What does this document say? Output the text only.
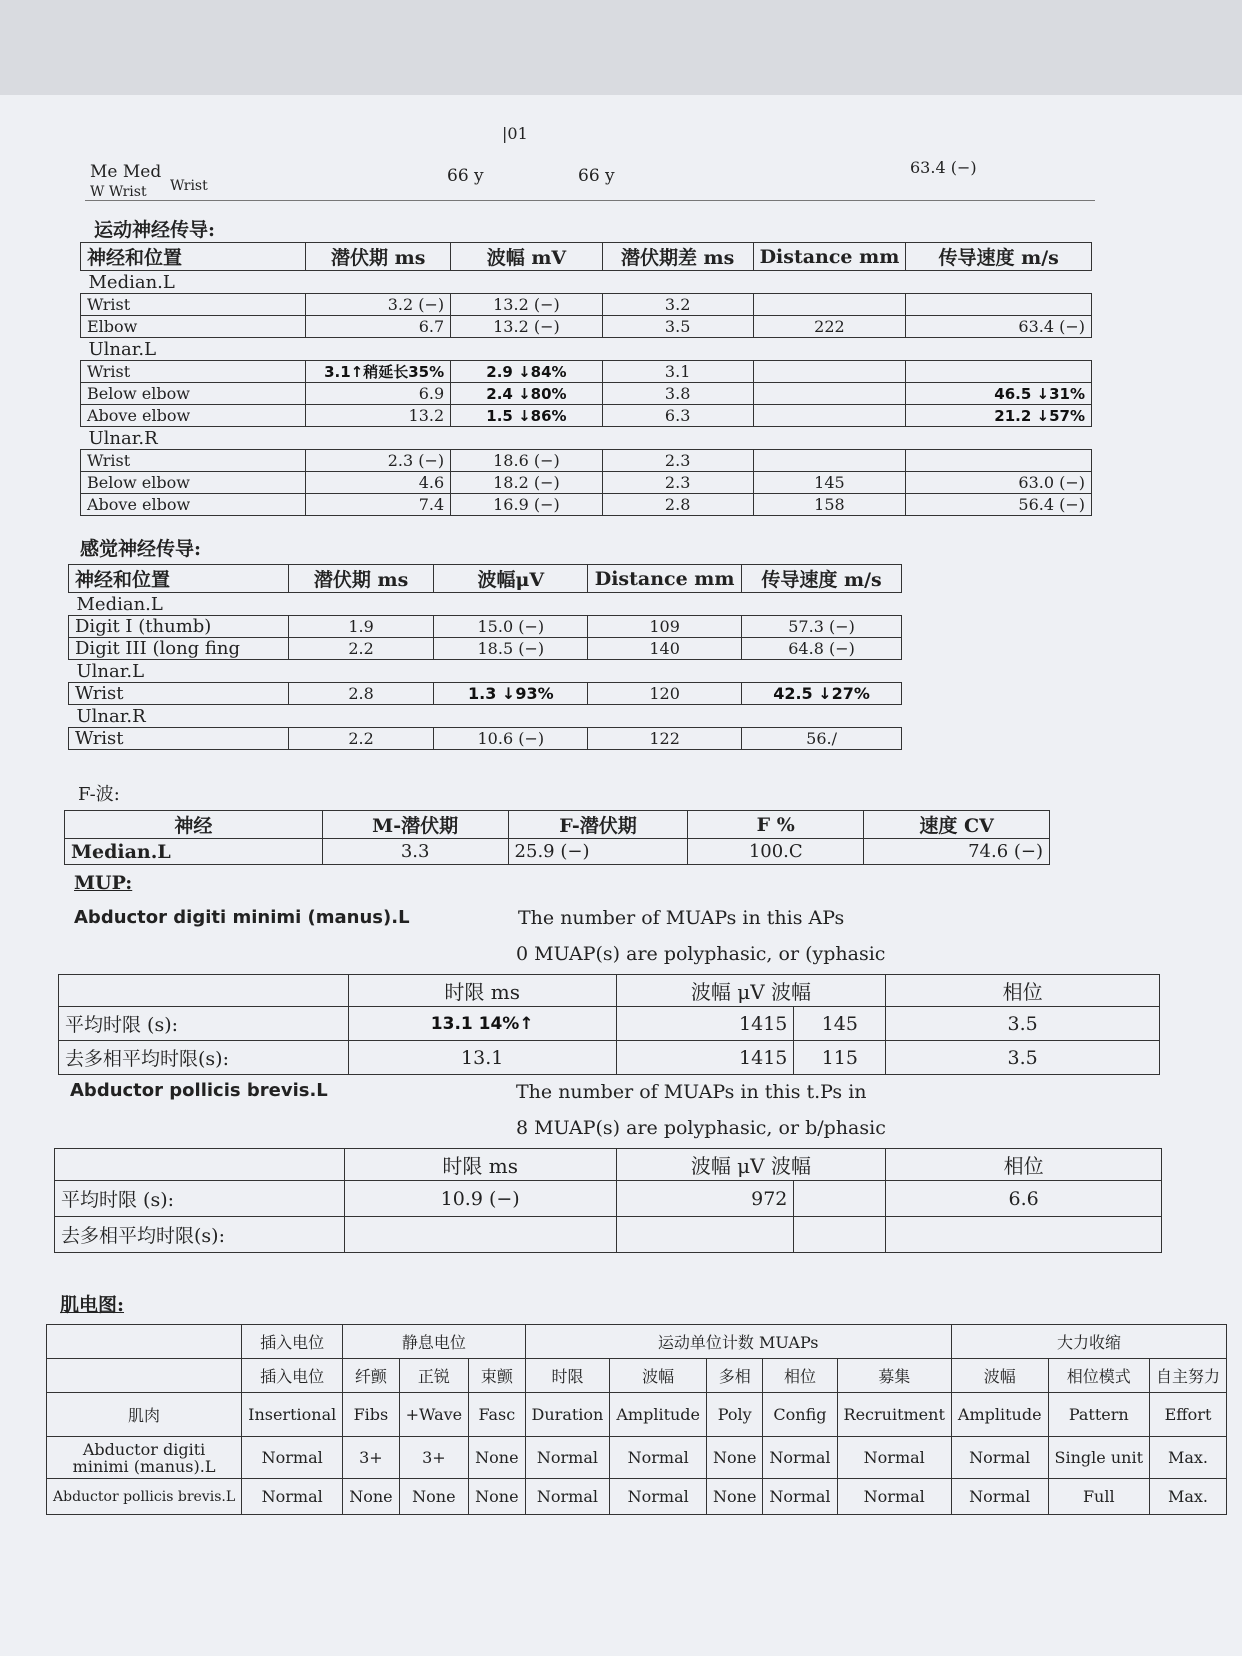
|01
Me Med
W Wrist Wrist	66 y	66 y	63.4 (−)
运动神经传导:
神经和位置	潜伏期 ms	波幅 mV	潜伏期差 ms	Distance mm	传导速度 m/s
Median.L					
Wrist	3.2 (−)	13.2 (−)	3.2		
Elbow	6.7	13.2 (−)	3.5	222	63.4 (−)
Ulnar.L					
Wrist	3.1↑稍延长35%	2.9 ↓84%	3.1		
Below elbow	6.9	2.4 ↓80%	3.8		46.5 ↓31%
Above elbow	13.2	1.5 ↓86%	6.3		21.2 ↓57%
Ulnar.R					
Wrist	2.3 (−)	18.6 (−)	2.3		
Below elbow	4.6	18.2 (−)	2.3	145	63.0 (−)
Above elbow	7.4	16.9 (−)	2.8	158	56.4 (−)
感觉神经传导:
神经和位置	潜伏期 ms	波幅μV	Distance mm	传导速度 m/s
Median.L				
Digit I (thumb)	1.9	15.0 (−)	109	57.3 (−)
Digit III (long fing	2.2	18.5 (−)	140	64.8 (−)
Ulnar.L				
Wrist	2.8	1.3 ↓93%	120	42.5 ↓27%
Ulnar.R				
Wrist	2.2	10.6 (−)	122	56./
F-波:
神经	M-潜伏期	F-潜伏期	F %	速度 CV
Median.L	3.3	25.9 (−)	100.C	74.6 (−)
MUP:
Abductor digiti minimi (manus).L	The number of MUAPs in this APs
0 MUAP(s) are polyphasic, or (yphasic
	时限 ms	波幅 μV 波幅		相位
平均时限 (s):	13.1 14%↑	1415	145	3.5
去多相平均时限(s):	13.1	1415	115	3.5
Abductor pollicis brevis.L	The number of MUAPs in this t.Ps in
8 MUAP(s) are polyphasic, or b/phasic
	时限 ms	波幅 μV 波幅		相位
平均时限 (s):	10.9 (−)	972		6.6
去多相平均时限(s):				
肌电图:
	插入电位	静息电位			运动单位计数 MUAPs					大力收缩		
	插入电位	纤颤	正锐	束颤	时限	波幅	多相	相位	募集	波幅	相位模式	自主努力
肌肉	Insertional	Fibs	+Wave	Fasc	Duration	Amplitude	Poly	Config	Recruitment	Amplitude	Pattern	Effort
Abductor digiti minimi (manus).L	Normal	3+	3+	None	Normal	Normal	None	Normal	Normal	Normal	Single unit	Max.
Abductor pollicis brevis.L	Normal	None	None	None	Normal	Normal	None	Normal	Normal	Normal	Full	Max.
